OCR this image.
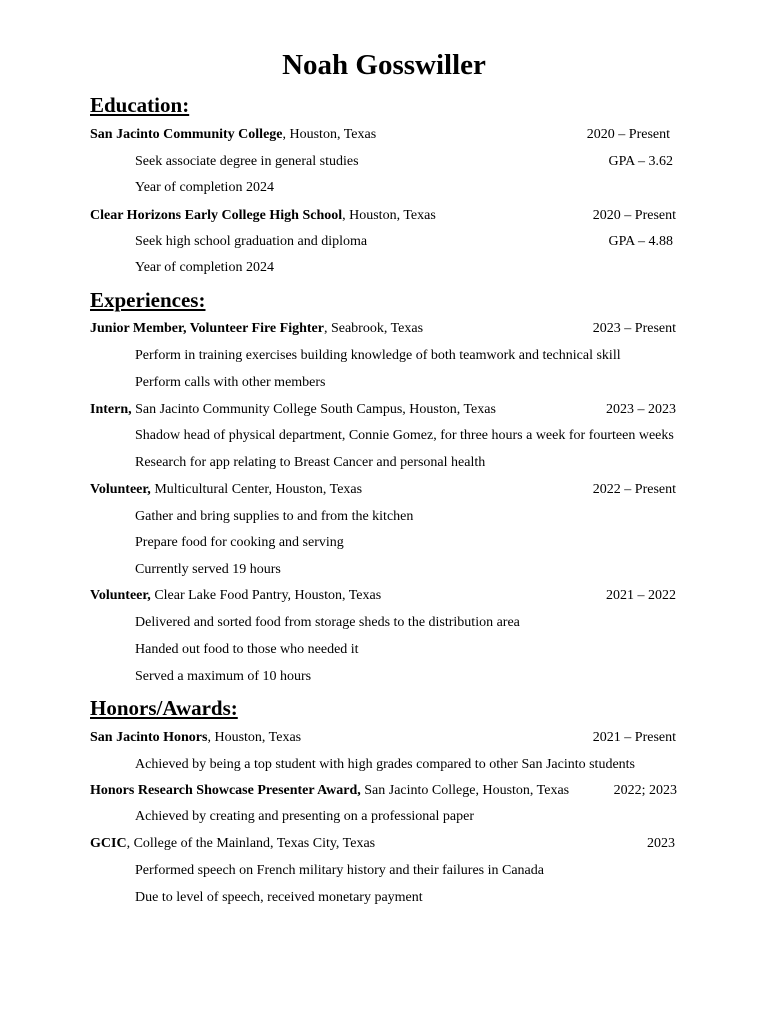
Noah Gosswiller
Education:
San Jacinto Community College, Houston, Texas	2020 – Present
Seek associate degree in general studies	GPA – 3.62
Year of completion 2024
Clear Horizons Early College High School, Houston, Texas	2020 – Present
Seek high school graduation and diploma	GPA – 4.88
Year of completion 2024
Experiences:
Junior Member, Volunteer Fire Fighter, Seabrook, Texas	2023 – Present
Perform in training exercises building knowledge of both teamwork and technical skill
Perform calls with other members
Intern, San Jacinto Community College South Campus, Houston, Texas	2023 – 2023
Shadow head of physical department, Connie Gomez, for three hours a week for fourteen weeks
Research for app relating to Breast Cancer and personal health
Volunteer, Multicultural Center, Houston, Texas	2022 – Present
Gather and bring supplies to and from the kitchen
Prepare food for cooking and serving
Currently served 19 hours
Volunteer, Clear Lake Food Pantry, Houston, Texas	2021 – 2022
Delivered and sorted food from storage sheds to the distribution area
Handed out food to those who needed it
Served a maximum of 10 hours
Honors/Awards:
San Jacinto Honors, Houston, Texas	2021 – Present
Achieved by being a top student with high grades compared to other San Jacinto students
Honors Research Showcase Presenter Award, San Jacinto College, Houston, Texas	2022; 2023
Achieved by creating and presenting on a professional paper
GCIC, College of the Mainland, Texas City, Texas	2023
Performed speech on French military history and their failures in Canada
Due to level of speech, received monetary payment
